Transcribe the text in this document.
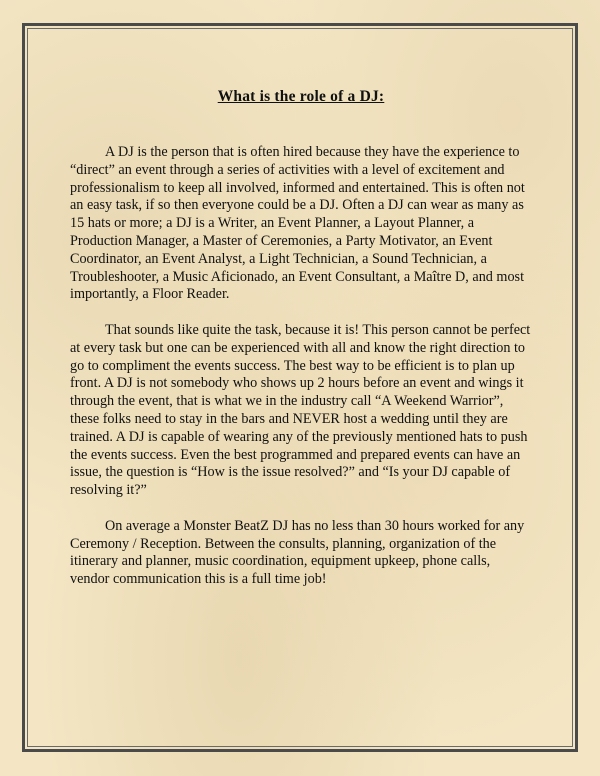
What is the role of a DJ:

A DJ is the person that is often hired because they have the experience to “direct” an event through a series of activities with a level of excitement and professionalism to keep all involved, informed and entertained. This is often not an easy task, if so then everyone could be a DJ. Often a DJ can wear as many as 15 hats or more; a DJ is a Writer, an Event Planner, a Layout Planner, a Production Manager, a Master of Ceremonies, a Party Motivator, an Event Coordinator, an Event Analyst, a Light Technician, a Sound Technician, a Troubleshooter, a Music Aficionado, an Event Consultant, a Maître D, and most importantly, a Floor Reader.

That sounds like quite the task, because it is! This person cannot be perfect at every task but one can be experienced with all and know the right direction to go to compliment the events success. The best way to be efficient is to plan up front. A DJ is not somebody who shows up 2 hours before an event and wings it through the event, that is what we in the industry call “A Weekend Warrior”, these folks need to stay in the bars and NEVER host a wedding until they are trained. A DJ is capable of wearing any of the previously mentioned hats to push the events success. Even the best programmed and prepared events can have an issue, the question is “How is the issue resolved?” and “Is your DJ capable of resolving it?”

On average a Monster BeatZ DJ has no less than 30 hours worked for any Ceremony / Reception. Between the consults, planning, organization of the itinerary and planner, music coordination, equipment upkeep, phone calls, vendor communication this is a full time job!
